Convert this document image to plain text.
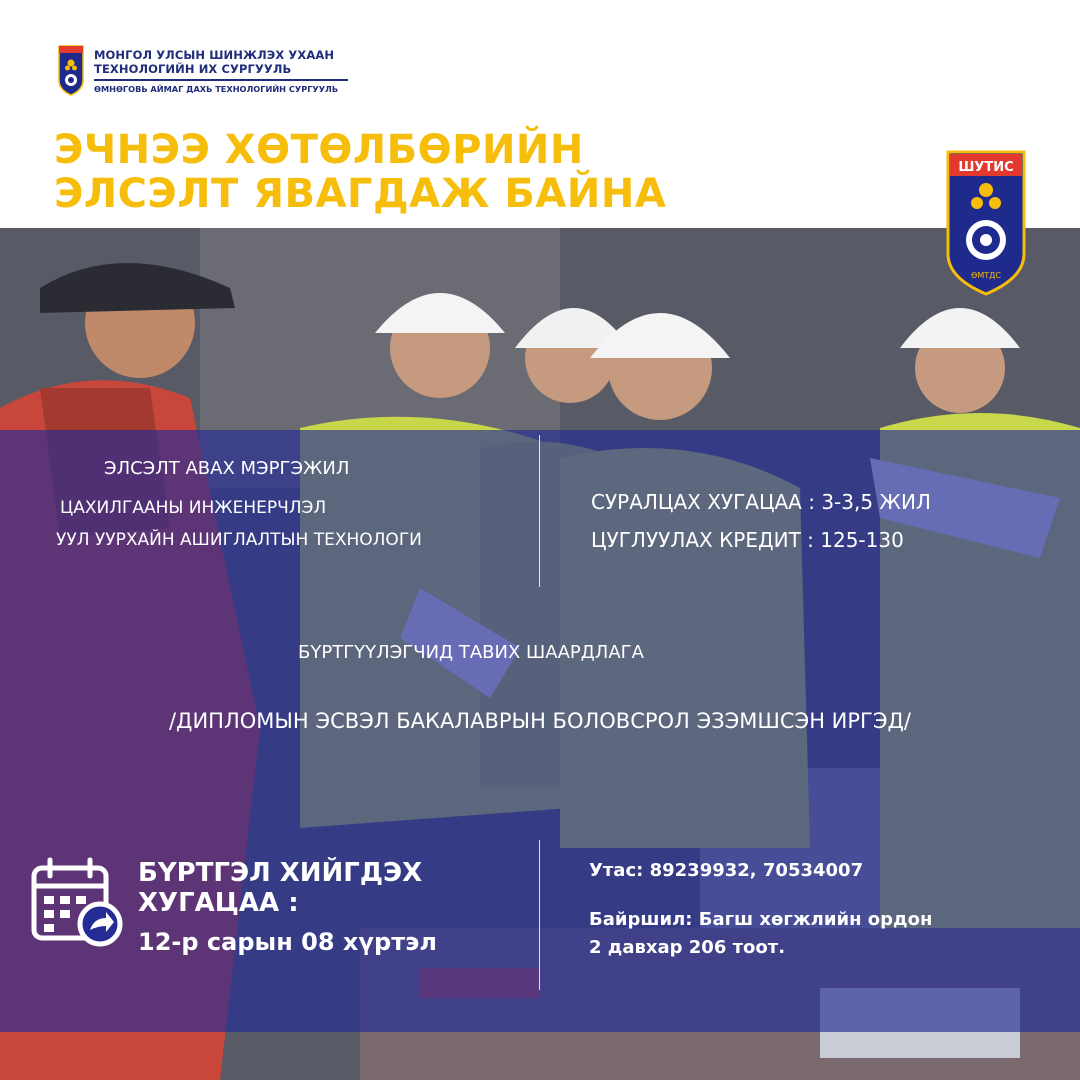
МОНГОЛ УЛСЫН ШИНЖЛЭХ УХААН
ТЕХНОЛОГИЙН ИХ СУРГУУЛЬ
ӨМНӨГОВЬ АЙМАГ ДАХЬ ТЕХНОЛОГИЙН СУРГУУЛЬ
ЭЧНЭЭ ХӨТӨЛБӨРИЙН
ЭЛСЭЛТ ЯВАГДАЖ БАЙНА
ШУТИС
ӨМТДС
ЭЛСЭЛТ АВАХ МЭРГЭЖИЛ
ЦАХИЛГААНЫ ИНЖЕНЕРЧЛЭЛ
УУЛ УУРХАЙН АШИГЛАЛТЫН ТЕХНОЛОГИ
СУРАЛЦАХ ХУГАЦАА : 3-3,5 ЖИЛ
ЦУГЛУУЛАХ КРЕДИТ : 125-130
БҮРТГҮҮЛЭГЧИД ТАВИХ ШААРДЛАГА
/ДИПЛОМЫН ЭСВЭЛ БАКАЛАВРЫН БОЛОВСРОЛ ЭЗЭМШСЭН ИРГЭД/
БҮРТГЭЛ ХИЙГДЭХ
ХУГАЦАА :
12-р сарын 08 хүртэл
Утас: 89239932, 70534007
Байршил: Багш хөгжлийн ордон
2 давхар 206 тоот.
